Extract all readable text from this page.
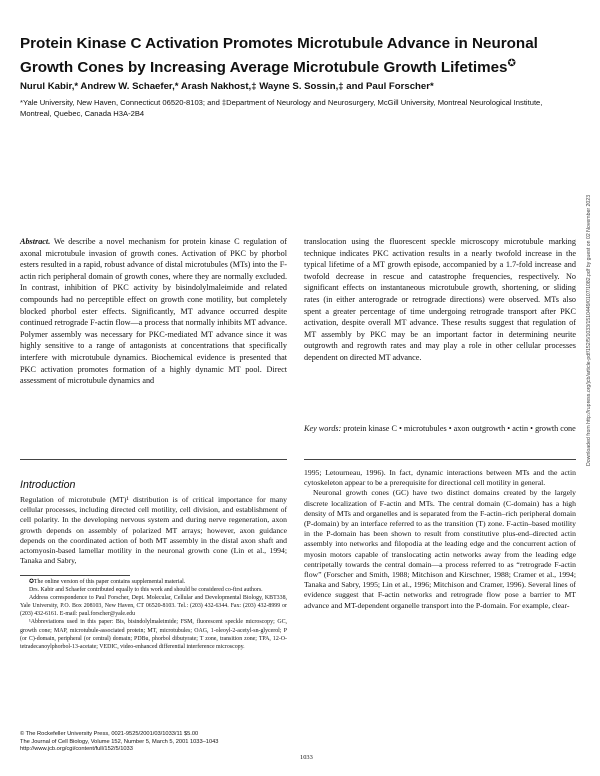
Protein Kinase C Activation Promotes Microtubule Advance in Neuronal Growth Cones by Increasing Average Microtubule Growth Lifetimes✪
Nurul Kabir,* Andrew W. Schaefer,* Arash Nakhost,‡ Wayne S. Sossin,‡ and Paul Forscher*
*Yale University, New Haven, Connecticut 06520-8103; and ‡Department of Neurology and Neurosurgery, McGill University, Montreal Neurological Institute, Montreal, Quebec, Canada H3A-2B4
Abstract. We describe a novel mechanism for protein kinase C regulation of axonal microtubule invasion of growth cones. Activation of PKC by phorbol esters resulted in a rapid, robust advance of distal microtubules (MTs) into the F-actin rich peripheral domain of growth cones, where they are normally excluded. In contrast, inhibition of PKC activity by bisindolylmaleimide and related compounds had no perceptible effect on growth cone motility, but completely blocked phorbol ester effects. Significantly, MT advance occurred despite continued retrograde F-actin flow—a process that normally inhibits MT advance. Polymer assembly was necessary for PKC-mediated MT advance since it was highly sensitive to a range of antagonists at concentrations that specifically interfere with microtubule dynamics. Biochemical evidence is presented that PKC activation promotes formation of a highly dynamic MT pool. Direct assessment of microtubule dynamics and
translocation using the fluorescent speckle microscopy microtubule marking technique indicates PKC activation results in a nearly twofold increase in the typical lifetime of a MT growth episode, accompanied by a 1.7-fold increase and twofold decrease in rescue and catastrophe frequencies, respectively. No significant effects on instantaneous microtubule growth, shortening, or sliding rates (in either anterograde or retrograde directions) were observed. MTs also spent a greater percentage of time undergoing retrograde transport after PKC activation, despite overall MT advance. These results suggest that regulation of MT assembly by PKC may be an important factor in determining neurite outgrowth and regrowth rates and may play a role in other cellular processes dependent on directed MT advance.
Key words: protein kinase C • microtubules • axon outgrowth • actin • growth cone
Introduction
Regulation of microtubule (MT)¹ distribution is of critical importance for many cellular processes, including directed cell motility, cell division, and establishment of cell polarity. In the developing nervous system and during nerve regeneration, axon growth depends on assembly of polarized MT arrays; however, axon guidance depends on the coordinated action of both MT assembly in the distal axon shaft and actomyosin-based lamellar motility in the neuronal growth cone (Lin et al., 1994; Tanaka and Sabry,

1995; Letourneau, 1996). In fact, dynamic interactions between MTs and the actin cytoskeleton appear to be a prerequisite for directional cell motility in general.

Neuronal growth cones (GC) have two distinct domains created by the largely discrete localization of F-actin and MTs. The central domain (C-domain) has a high density of MTs and organelles and is separated from the F-actin–rich peripheral domain (P-domain) by an interface referred to as the transition (T) zone. F-actin–based motility in the P-domain has been shown to result from constitutive plus-end–directed actin assembly into networks and filopodia at the leading edge and the concurrent action of myosin motors capable of translocating actin networks away from the leading edge centripetally towards the central domain—a process referred to as “retrograde F-actin flow” (Forscher and Smith, 1988; Mitchison and Kirschner, 1988; Cramer et al., 1994; Tanaka and Sabry, 1995; Lin et al., 1996; Mitchison and Cramer, 1996). Several lines of evidence suggest that F-actin networks and retrograde flow pose a barrier to MT advance and MT-dependent organelle transport into the P-domain. For example, clear-

✪The online version of this paper contains supplemental material.

Drs. Kabir and Schaefer contributed equally to this work and should be considered co-first authors.

Address correspondence to Paul Forscher, Dept. Molecular, Cellular and Developmental Biology, KBT338, Yale University, P.O. Box 208103, New Haven, CT 06520-8103. Tel.: (203) 432-6344. Fax: (203) 432-8999 or (203) 432-6161. E-mail: paul.forscher@yale.edu

¹Abbreviations used in this paper: Bis, bisindolylmaleimide; FSM, fluorescent speckle microscopy; GC, growth cone; MAP, microtubule-associated protein; MT, microtubules; OAG, 1-oleoyl-2-acetyl-sn-glycerol; P (or C)-domain, peripheral (or central) domain; PDBu, phorbol dibutyrate; T zone, transition zone; TPA, 12-O-tetradecanoylphorbol-13-acetate; VEDIC, video-enhanced differential interference microscopy.

© The Rockefeller University Press, 0021-9525/2001/03/1033/11 $5.00
The Journal of Cell Biology, Volume 152, Number 5, March 5, 2001 1033–1043
http://www.jcb.org/cgi/content/full/152/5/1033
1033
Downloaded from http://rupress.org/jcb/article-pdf/152/5/1033/1510449/0107/1082.pdf by guest on 02 November 2023
